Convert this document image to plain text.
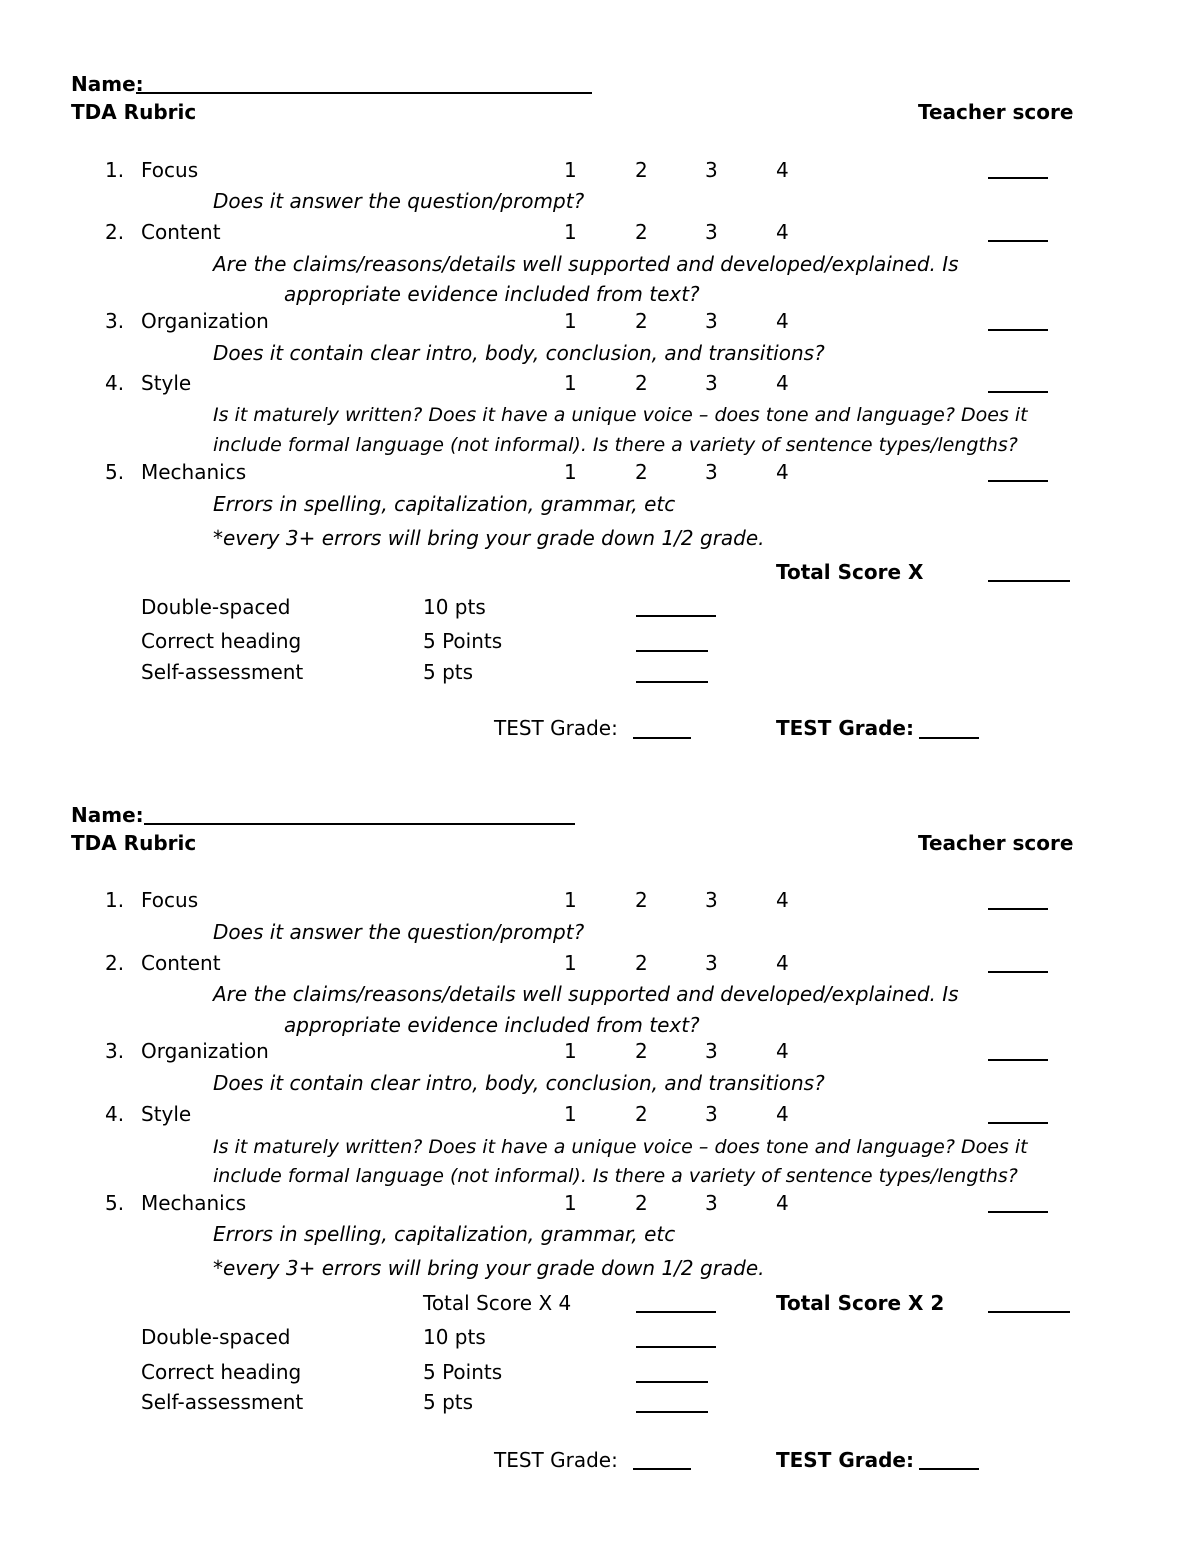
Name:
TDA Rubric	Teacher score
1. Focus	1	2	3	4
Does it answer the question/prompt?
2. Content	1	2	3	4
Are the claims/reasons/details well supported and developed/explained. Is
appropriate evidence included from text?
3. Organization	1	2	3	4
Does it contain clear intro, body, conclusion, and transitions?
4. Style	1	2	3	4
Is it maturely written? Does it have a unique voice – does tone and language? Does it
include formal language (not informal). Is there a variety of sentence types/lengths?
5. Mechanics	1	2	3	4
Errors in spelling, capitalization, grammar, etc
*every 3+ errors will bring your grade down 1/2 grade.
Total Score X
Double-spaced	10 pts
Correct heading	5 Points
Self-assessment	5 pts
TEST Grade:	TEST Grade:
Name:
TDA Rubric	Teacher score
1. Focus	1	2	3	4
Does it answer the question/prompt?
2. Content	1	2	3	4
Are the claims/reasons/details well supported and developed/explained. Is
appropriate evidence included from text?
3. Organization	1	2	3	4
Does it contain clear intro, body, conclusion, and transitions?
4. Style	1	2	3	4
Is it maturely written? Does it have a unique voice – does tone and language? Does it
include formal language (not informal). Is there a variety of sentence types/lengths?
5. Mechanics	1	2	3	4
Errors in spelling, capitalization, grammar, etc
*every 3+ errors will bring your grade down 1/2 grade.
Total Score X 4	Total Score X 2
Double-spaced	10 pts
Correct heading	5 Points
Self-assessment	5 pts
TEST Grade:	TEST Grade:
